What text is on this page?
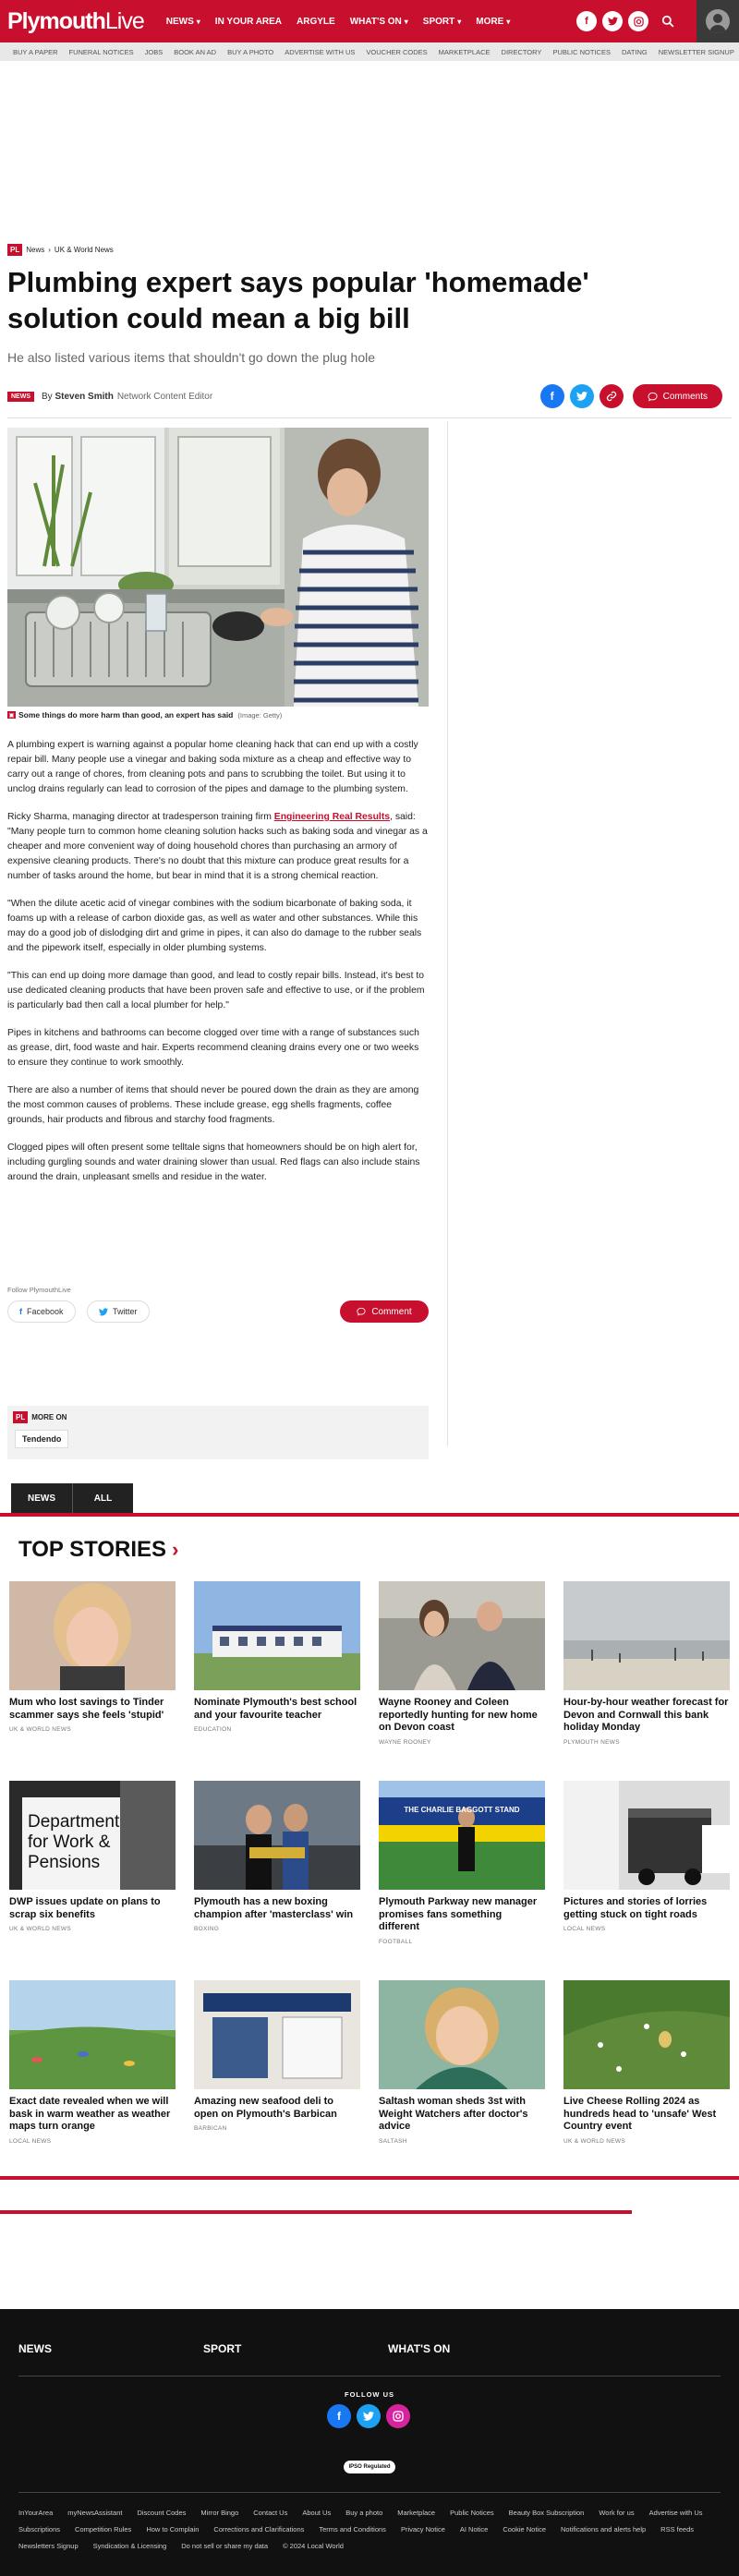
PlymouthLive NEWS ▾ IN YOUR AREA ARGYLE WHAT'S ON ▾ SPORT ▾ MORE ▾	f
BUY A PAPER FUNERAL NOTICES JOBS BOOK AN AD BUY A PHOTO ADVERTISE WITH US VOUCHER CODES MARKETPLACE DIRECTORY PUBLIC NOTICES DATING NEWSLETTER SIGNUP
PL News › UK & World News
Plumbing expert says popular 'homemade' solution could mean a big bill

He also listed various items that shouldn't go down the plug hole

NEWS	By Steven Smith Network Content Editor	f	Comments
▣ Some things do more harm than good, an expert has said (Image: Getty)

A plumbing expert is warning against a popular home cleaning hack that can end up with a costly repair bill. Many people use a vinegar and baking soda mixture as a cheap and effective way to carry out a range of chores, from cleaning pots and pans to scrubbing the toilet. But using it to unclog drains regularly can lead to corrosion of the pipes and damage to the plumbing system.

Ricky Sharma, managing director at tradesperson training firm Engineering Real Results, said: "Many people turn to common home cleaning solution hacks such as baking soda and vinegar as a cheaper and more convenient way of doing household chores than purchasing an armory of expensive cleaning products. There's no doubt that this mixture can produce great results for a number of tasks around the home, but bear in mind that it is a strong chemical reaction.

"When the dilute acetic acid of vinegar combines with the sodium bicarbonate of baking soda, it foams up with a release of carbon dioxide gas, as well as water and other substances. While this may do a good job of dislodging dirt and grime in pipes, it can also do damage to the rubber seals and the pipework itself, especially in older plumbing systems.

"This can end up doing more damage than good, and lead to costly repair bills. Instead, it's best to use dedicated cleaning products that have been proven safe and effective to use, or if the problem is particularly bad then call a local plumber for help."

Pipes in kitchens and bathrooms can become clogged over time with a range of substances such as grease, dirt, food waste and hair. Experts recommend cleaning drains every one or two weeks to ensure they continue to work smoothly.

There are also a number of items that should never be poured down the drain as they are among the most common causes of problems. These include grease, egg shells fragments, coffee grounds, hair products and fibrous and starchy food fragments.

Clogged pipes will often present some telltale signs that homeowners should be on high alert for, including gurgling sounds and water draining slower than usual. Red flags can also include stains around the drain, unpleasant smells and residue in the water.

Follow PlymouthLive
f Facebook	Twitter	Comment
PL MORE ON
Tendendo
NEWS	ALL
TOP STORIES ›
Mum who lost savings to Tinder scammer says she feels 'stupid'
UK & WORLD NEWS
Nominate Plymouth's best school and your favourite teacher
EDUCATION
Wayne Rooney and Coleen reportedly hunting for new home on Devon coast
WAYNE ROONEY
Hour-by-hour weather forecast for Devon and Cornwall this bank holiday Monday
PLYMOUTH NEWS
Department
for Work &
Pensions
DWP issues update on plans to scrap six benefits
UK & WORLD NEWS
Plymouth has a new boxing champion after 'masterclass' win
BOXING
THE CHARLIE BAGGOTT STAND
Plymouth Parkway new manager promises fans something different
FOOTBALL
Pictures and stories of lorries getting stuck on tight roads
LOCAL NEWS
Exact date revealed when we will bask in warm weather as weather maps turn orange
LOCAL NEWS
Amazing new seafood deli to open on Plymouth's Barbican
BARBICAN
Saltash woman sheds 3st with Weight Watchers after doctor's advice
SALTASH
Live Cheese Rolling 2024 as hundreds head to 'unsafe' West Country event
UK & WORLD NEWS
NEWS	SPORT	WHAT'S ON
FOLLOW US
f
IPSO Regulated
InYourArea myNewsAssistant Discount Codes Mirror Bingo Contact Us About Us Buy a photo Marketplace Public Notices Beauty Box Subscription Work for us Advertise with Us
Subscriptions Competition Rules How to Complain Corrections and Clarifications Terms and Conditions Privacy Notice AI Notice Cookie Notice Notifications and alerts help RSS feeds
Newsletters Signup Syndication & Licensing Do not sell or share my data © 2024 Local World
